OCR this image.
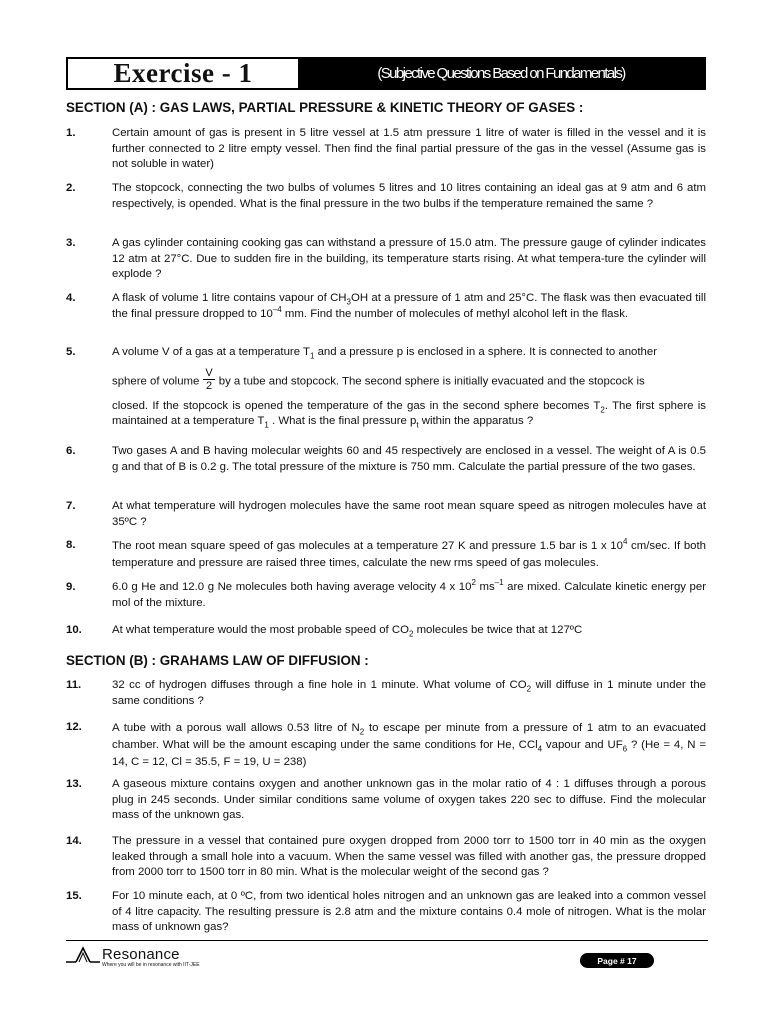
Exercise - 1	(Subjective Questions Based on Fundamentals)
SECTION (A) : GAS LAWS, PARTIAL PRESSURE & KINETIC THEORY OF GASES :
1.	Certain amount of gas is present in 5 litre vessel at 1.5 atm pressure 1 litre of water is filled in the vessel and it is further connected to 2 litre empty vessel. Then find the final partial pressure of the gas in the vessel (Assume gas is not soluble in water)
2.	The stopcock, connecting the two bulbs of volumes 5 litres and 10 litres containing an ideal gas at 9 atm and 6 atm respectively, is opended. What is the final pressure in the two bulbs if the temperature remained the same ?
3.	A gas cylinder containing cooking gas can withstand a pressure of 15.0 atm. The pressure gauge of cylinder indicates 12 atm at 27°C. Due to sudden fire in the building, its temperature starts rising. At what tempera-ture the cylinder will explode ?
4.	A flask of volume 1 litre contains vapour of $CH_3OH$ at a pressure of 1 atm and 25°C. The flask was then evacuated till the final pressure dropped to $10^{-4}$ mm. Find the number of molecules of methyl alcohol left in the flask.
5.	A volume V of a gas at a temperature $T_1$ and a pressure p is enclosed in a sphere. It is connected to another
sphere of volume $\frac{V}{2}$ by a tube and stopcock. The second sphere is initially evacuated and the stopcock is
closed. If the stopcock is opened the temperature of the gas in the second sphere becomes $T_2$. The first sphere is maintained at a temperature $T_1$ . What is the final pressure $p_t$ within the apparatus ?
6.	Two gases A and B having molecular weights 60 and 45 respectively are enclosed in a vessel. The weight of A is 0.5 g and that of B is 0.2 g. The total pressure of the mixture is 750 mm. Calculate the partial pressure of the two gases.
7.	At what temperature will hydrogen molecules have the same root mean square speed as nitrogen molecules have at 35ºC ?
8.	The root mean square speed of gas molecules at a temperature 27 K and pressure 1.5 bar is 1 x $10^4$ cm/sec. If both temperature and pressure are raised three times, calculate the new rms speed of gas molecules.
9.	6.0 g He and 12.0 g Ne molecules both having average velocity 4 x $10^2$ $ms^{-1}$ are mixed. Calculate kinetic energy per mol of the mixture.
10.	At what temperature would the most probable speed of $CO_2$ molecules be twice that at 127ºC
SECTION (B) : GRAHAMS LAW OF DIFFUSION :
11.	32 cc of hydrogen diffuses through a fine hole in 1 minute. What volume of $CO_2$ will diffuse in 1 minute under the same conditions ?
12.	A tube with a porous wall allows 0.53 litre of $N_2$ to escape per minute from a pressure of 1 atm to an evacuated chamber. What will be the amount escaping under the same conditions for He, CCl$_4$ vapour and $UF_6$ ? (He = 4, N = 14, C = 12, Cl = 35.5, F = 19, U = 238)
13.	A gaseous mixture contains oxygen and another unknown gas in the molar ratio of 4 : 1 diffuses through a porous plug in 245 seconds. Under similar conditions same volume of oxygen takes 220 sec to diffuse. Find the molecular mass of the unknown gas.
14.	The pressure in a vessel that contained pure oxygen dropped from 2000 torr to 1500 torr in 40 min as the oxygen leaked through a small hole into a vacuum. When the same vessel was filled with another gas, the pressure dropped from 2000 torr to 1500 torr in 80 min. What is the molecular weight of the second gas ?
15.	For 10 minute each, at 0 ºC, from two identical holes nitrogen and an unknown gas are leaked into a common vessel of 4 litre capacity. The resulting pressure is 2.8 atm and the mixture contains 0.4 mole of nitrogen. What is the molar mass of unknown gas?
Resonance
Where you will be in resonance with IIT-JEE	Page # 17
